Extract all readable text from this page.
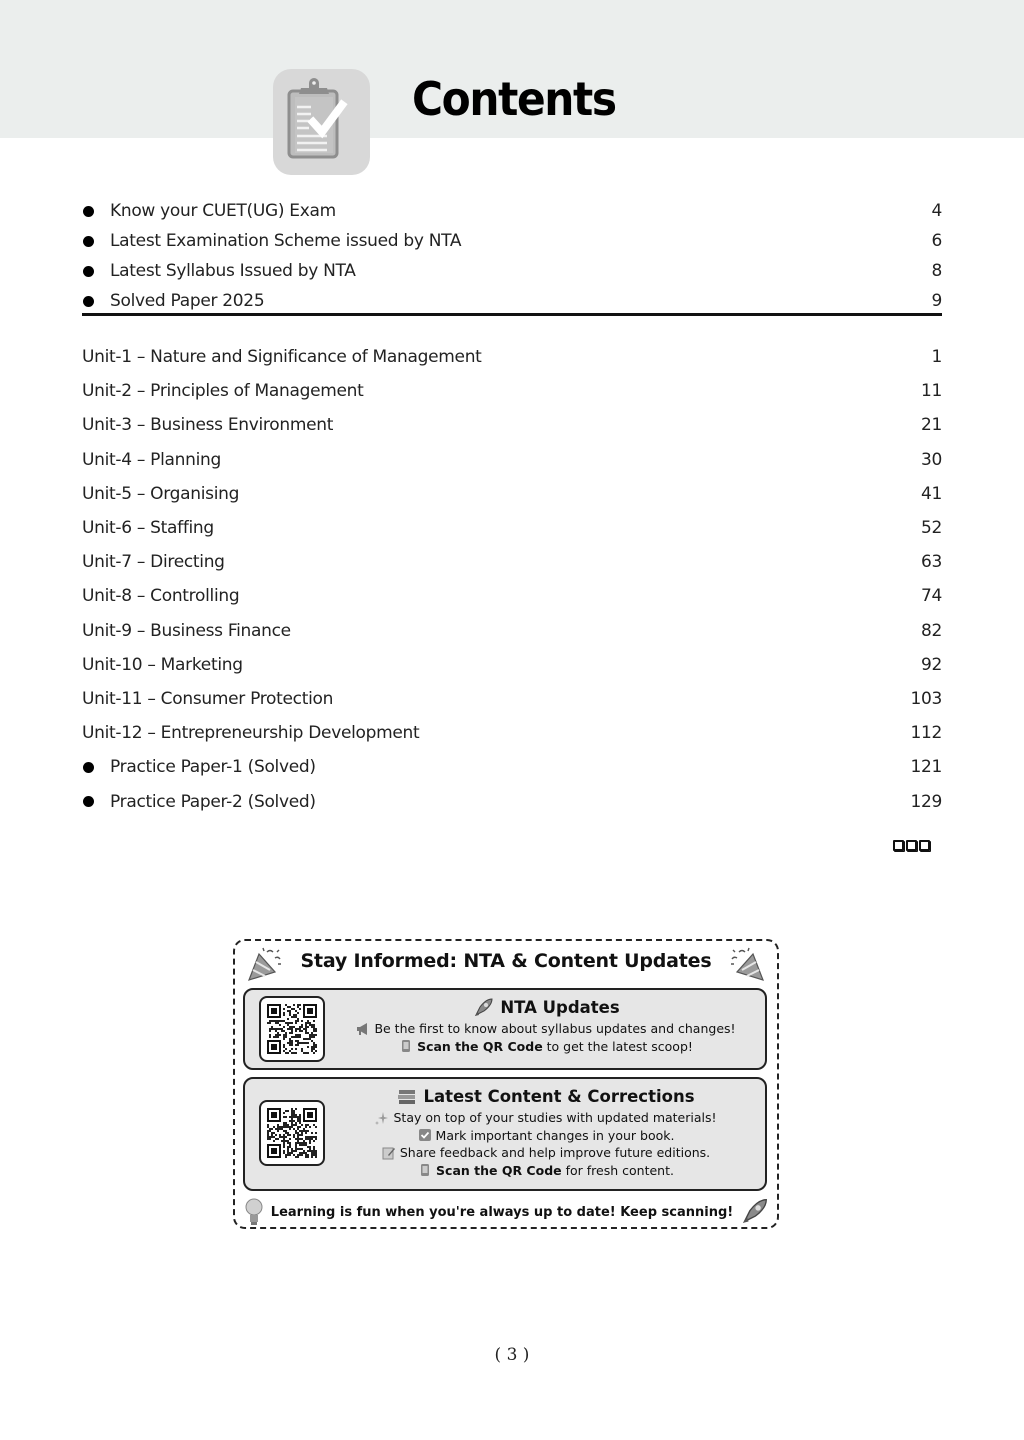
Contents
Know your CUET(UG) Exam	4
Latest Examination Scheme issued by NTA	6
Latest Syllabus Issued by NTA	8
Solved Paper 2025	9
Unit-1 – Nature and Significance of Management	1
Unit-2 – Principles of Management	11
Unit-3 – Business Environment	21
Unit-4 – Planning	30
Unit-5 – Organising	41
Unit-6 – Staffing	52
Unit-7 – Directing	63
Unit-8 – Controlling	74
Unit-9 – Business Finance	82
Unit-10 – Marketing	92
Unit-11 – Consumer Protection	103
Unit-12 – Entrepreneurship Development	112
Practice Paper-1 (Solved)	121
Practice Paper-2 (Solved)	129
Stay Informed: NTA & Content Updates
NTA Updates
Be the first to know about syllabus updates and changes!
Scan the QR Code to get the latest scoop!
Latest Content & Corrections
Stay on top of your studies with updated materials!
Mark important changes in your book.
Share feedback and help improve future editions.
Scan the QR Code for fresh content.
Learning is fun when you're always up to date! Keep scanning!
( 3 )
